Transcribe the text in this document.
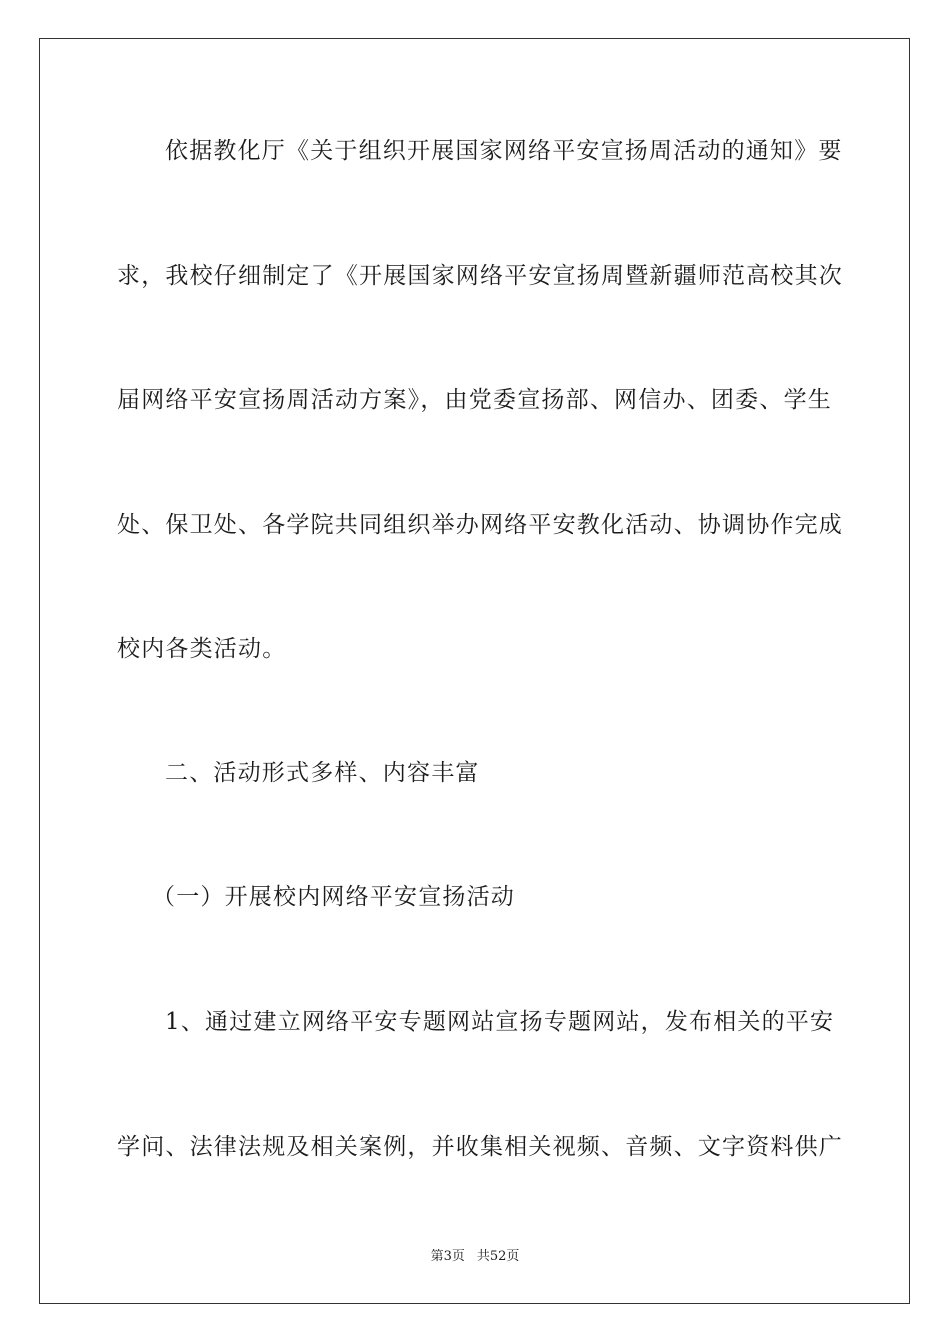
依据教化厅《关于组织开展国家网络平安宣扬周活动的通知》要
求，我校仔细制定了《开展国家网络平安宣扬周暨新疆师范高校其次
届网络平安宣扬周活动方案》，由党委宣扬部、网信办、团委、学生
处、保卫处、各学院共同组织举办网络平安教化活动、协调协作完成
校内各类活动。
二、活动形式多样、内容丰富
（一）开展校内网络平安宣扬活动
1、通过建立网络平安专题网站宣扬专题网站，发布相关的平安
学问、法律法规及相关案例，并收集相关视频、音频、文字资料供广
第3页 共52页
